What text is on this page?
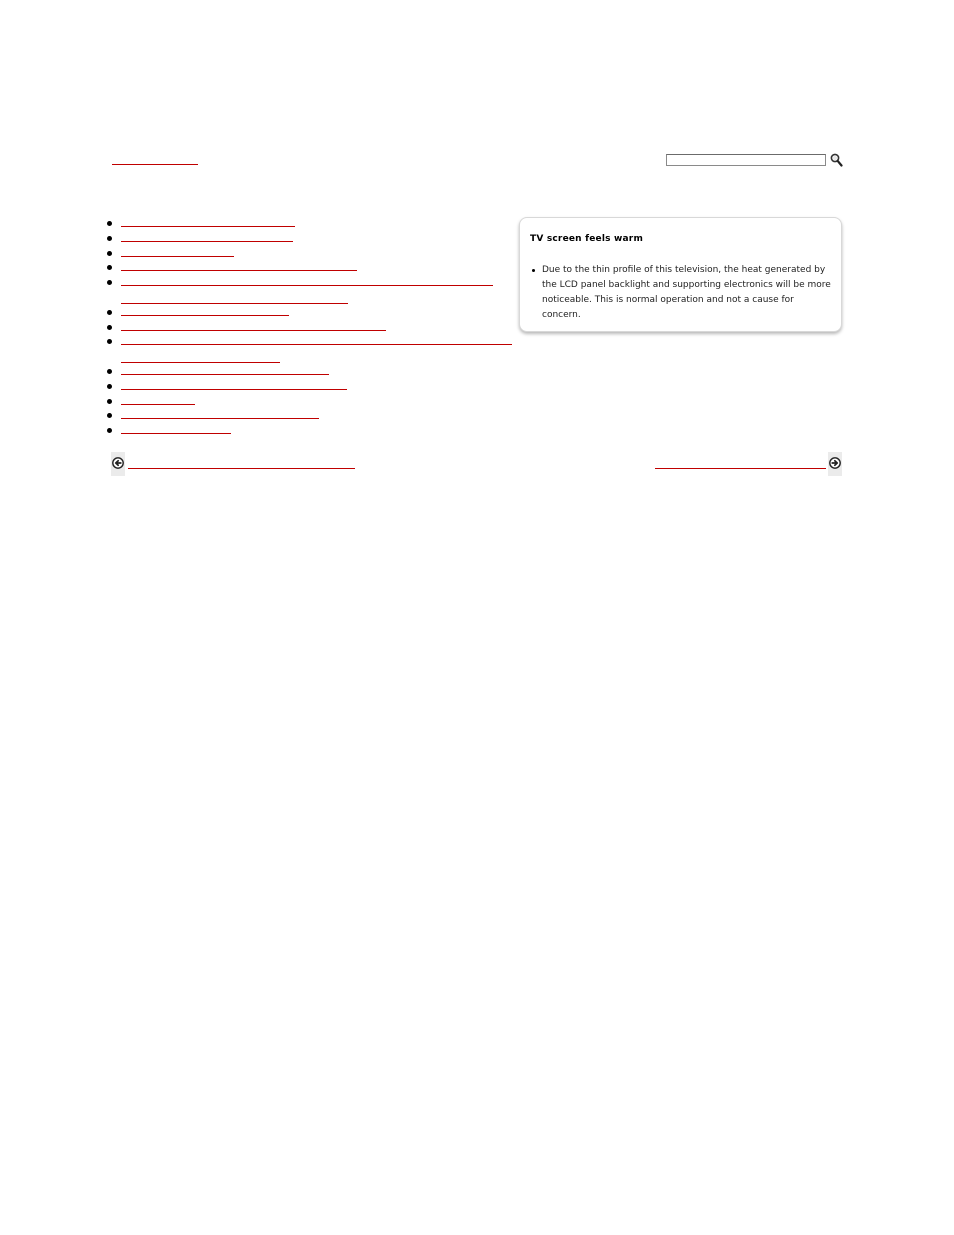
TV screen feels warm
Due to the thin profile of this television, the heat generated by the LCD panel backlight and supporting electronics will be more noticeable. This is normal operation and not a cause for concern.
